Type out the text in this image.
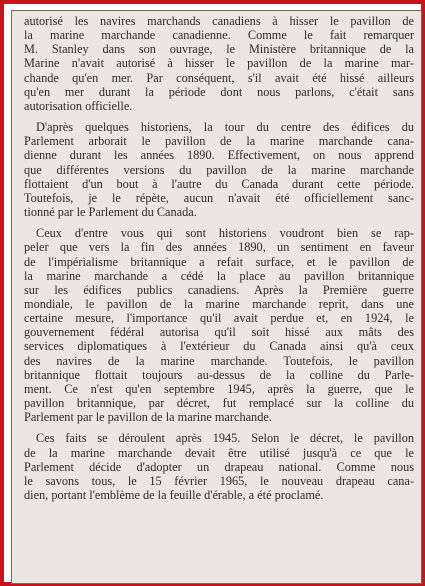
autorisé les navires marchands canadiens à hisser le pavillon de
la marine marchande canadienne. Comme le fait remarquer
M. Stanley dans son ouvrage, le Ministère britannique de la
Marine n'avait autorisé à hisser le pavillon de la marine mar-
chande qu'en mer. Par conséquent, s'il avait été hissé ailleurs
qu'en mer durant la période dont nous parlons, c'était sans
autorisation officielle.
D'après quelques historiens, la tour du centre des édifices du
Parlement arborait le pavillon de la marine marchande cana-
dienne durant les années 1890. Effectivement, on nous apprend
que différentes versions du pavillon de la marine marchande
flottaient d'un bout à l'autre du Canada durant cette période.
Toutefois, je le répète, aucun n'avait été officiellement sanc-
tionné par le Parlement du Canada.
Ceux d'entre vous qui sont historiens voudront bien se rap-
peler que vers la fin des années 1890, un sentiment en faveur
de l'impérialisme britannique a refait surface, et le pavillon de
la marine marchande a cédé la place au pavillon britannique
sur les édifices publics canadiens. Après la Première guerre
mondiale, le pavillon de la marine marchande reprit, dans une
certaine mesure, l'importance qu'il avait perdue et, en 1924, le
gouvernement fédéral autorisa qu'il soit hissé aux mâts des
services diplomatiques à l'extérieur du Canada ainsi qu'à ceux
des navires de la marine marchande. Toutefois, le pavillon
britannique flottait toujours au-dessus de la colline du Parle-
ment. Ce n'est qu'en septembre 1945, après la guerre, que le
pavillon britannique, par décret, fut remplacé sur la colline du
Parlement par le pavillon de la marine marchande.
Ces faits se déroulent après 1945. Selon le décret, le pavillon
de la marine marchande devait être utilisé jusqu'à ce que le
Parlement décide d'adopter un drapeau national. Comme nous
le savons tous, le 15 février 1965, le nouveau drapeau cana-
dien, portant l'emblème de la feuille d'érable, a été proclamé.
